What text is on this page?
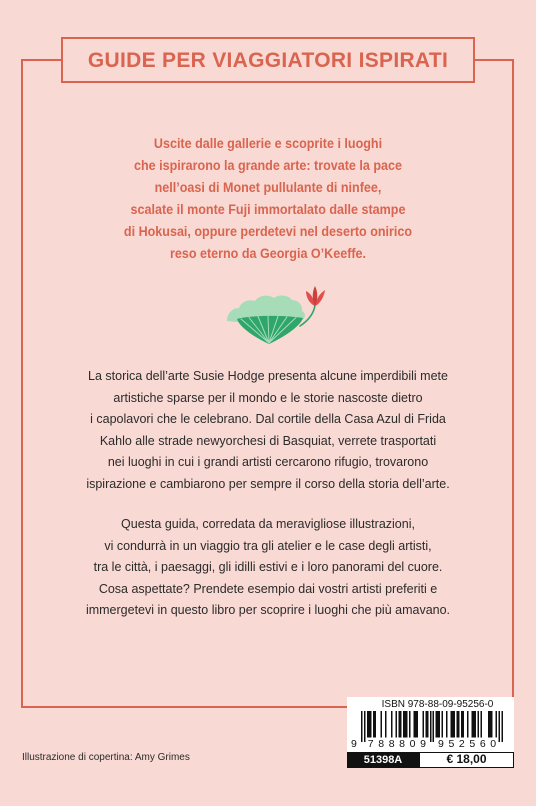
GUIDE PER VIAGGIATORI ISPIRATI
Uscite dalle gallerie e scoprite i luoghi
che ispirarono la grande arte: trovate la pace
nell’oasi di Monet pullulante di ninfee,
scalate il monte Fuji immortalato dalle stampe
di Hokusai, oppure perdetevi nel deserto onirico
reso eterno da Georgia O’Keeffe.
La storica dell’arte Susie Hodge presenta alcune imperdibili mete
artistiche sparse per il mondo e le storie nascoste dietro
i capolavori che le celebrano. Dal cortile della Casa Azul di Frida
Kahlo alle strade newyorchesi di Basquiat, verrete trasportati
nei luoghi in cui i grandi artisti cercarono rifugio, trovarono
ispirazione e cambiarono per sempre il corso della storia dell’arte.
Questa guida, corredata da meravigliose illustrazioni,
vi condurrà in un viaggio tra gli atelier e le case degli artisti,
tra le città, i paesaggi, gli idilli estivi e i loro panorami del cuore.
Cosa aspettate? Prendete esempio dai vostri artisti preferiti e
immergetevi in questo libro per scoprire i luoghi che più amavano.
Illustrazione di copertina: Amy Grimes
ISBN 978-88-09-95256-0
9 788809 952560
51398A	€ 18,00
